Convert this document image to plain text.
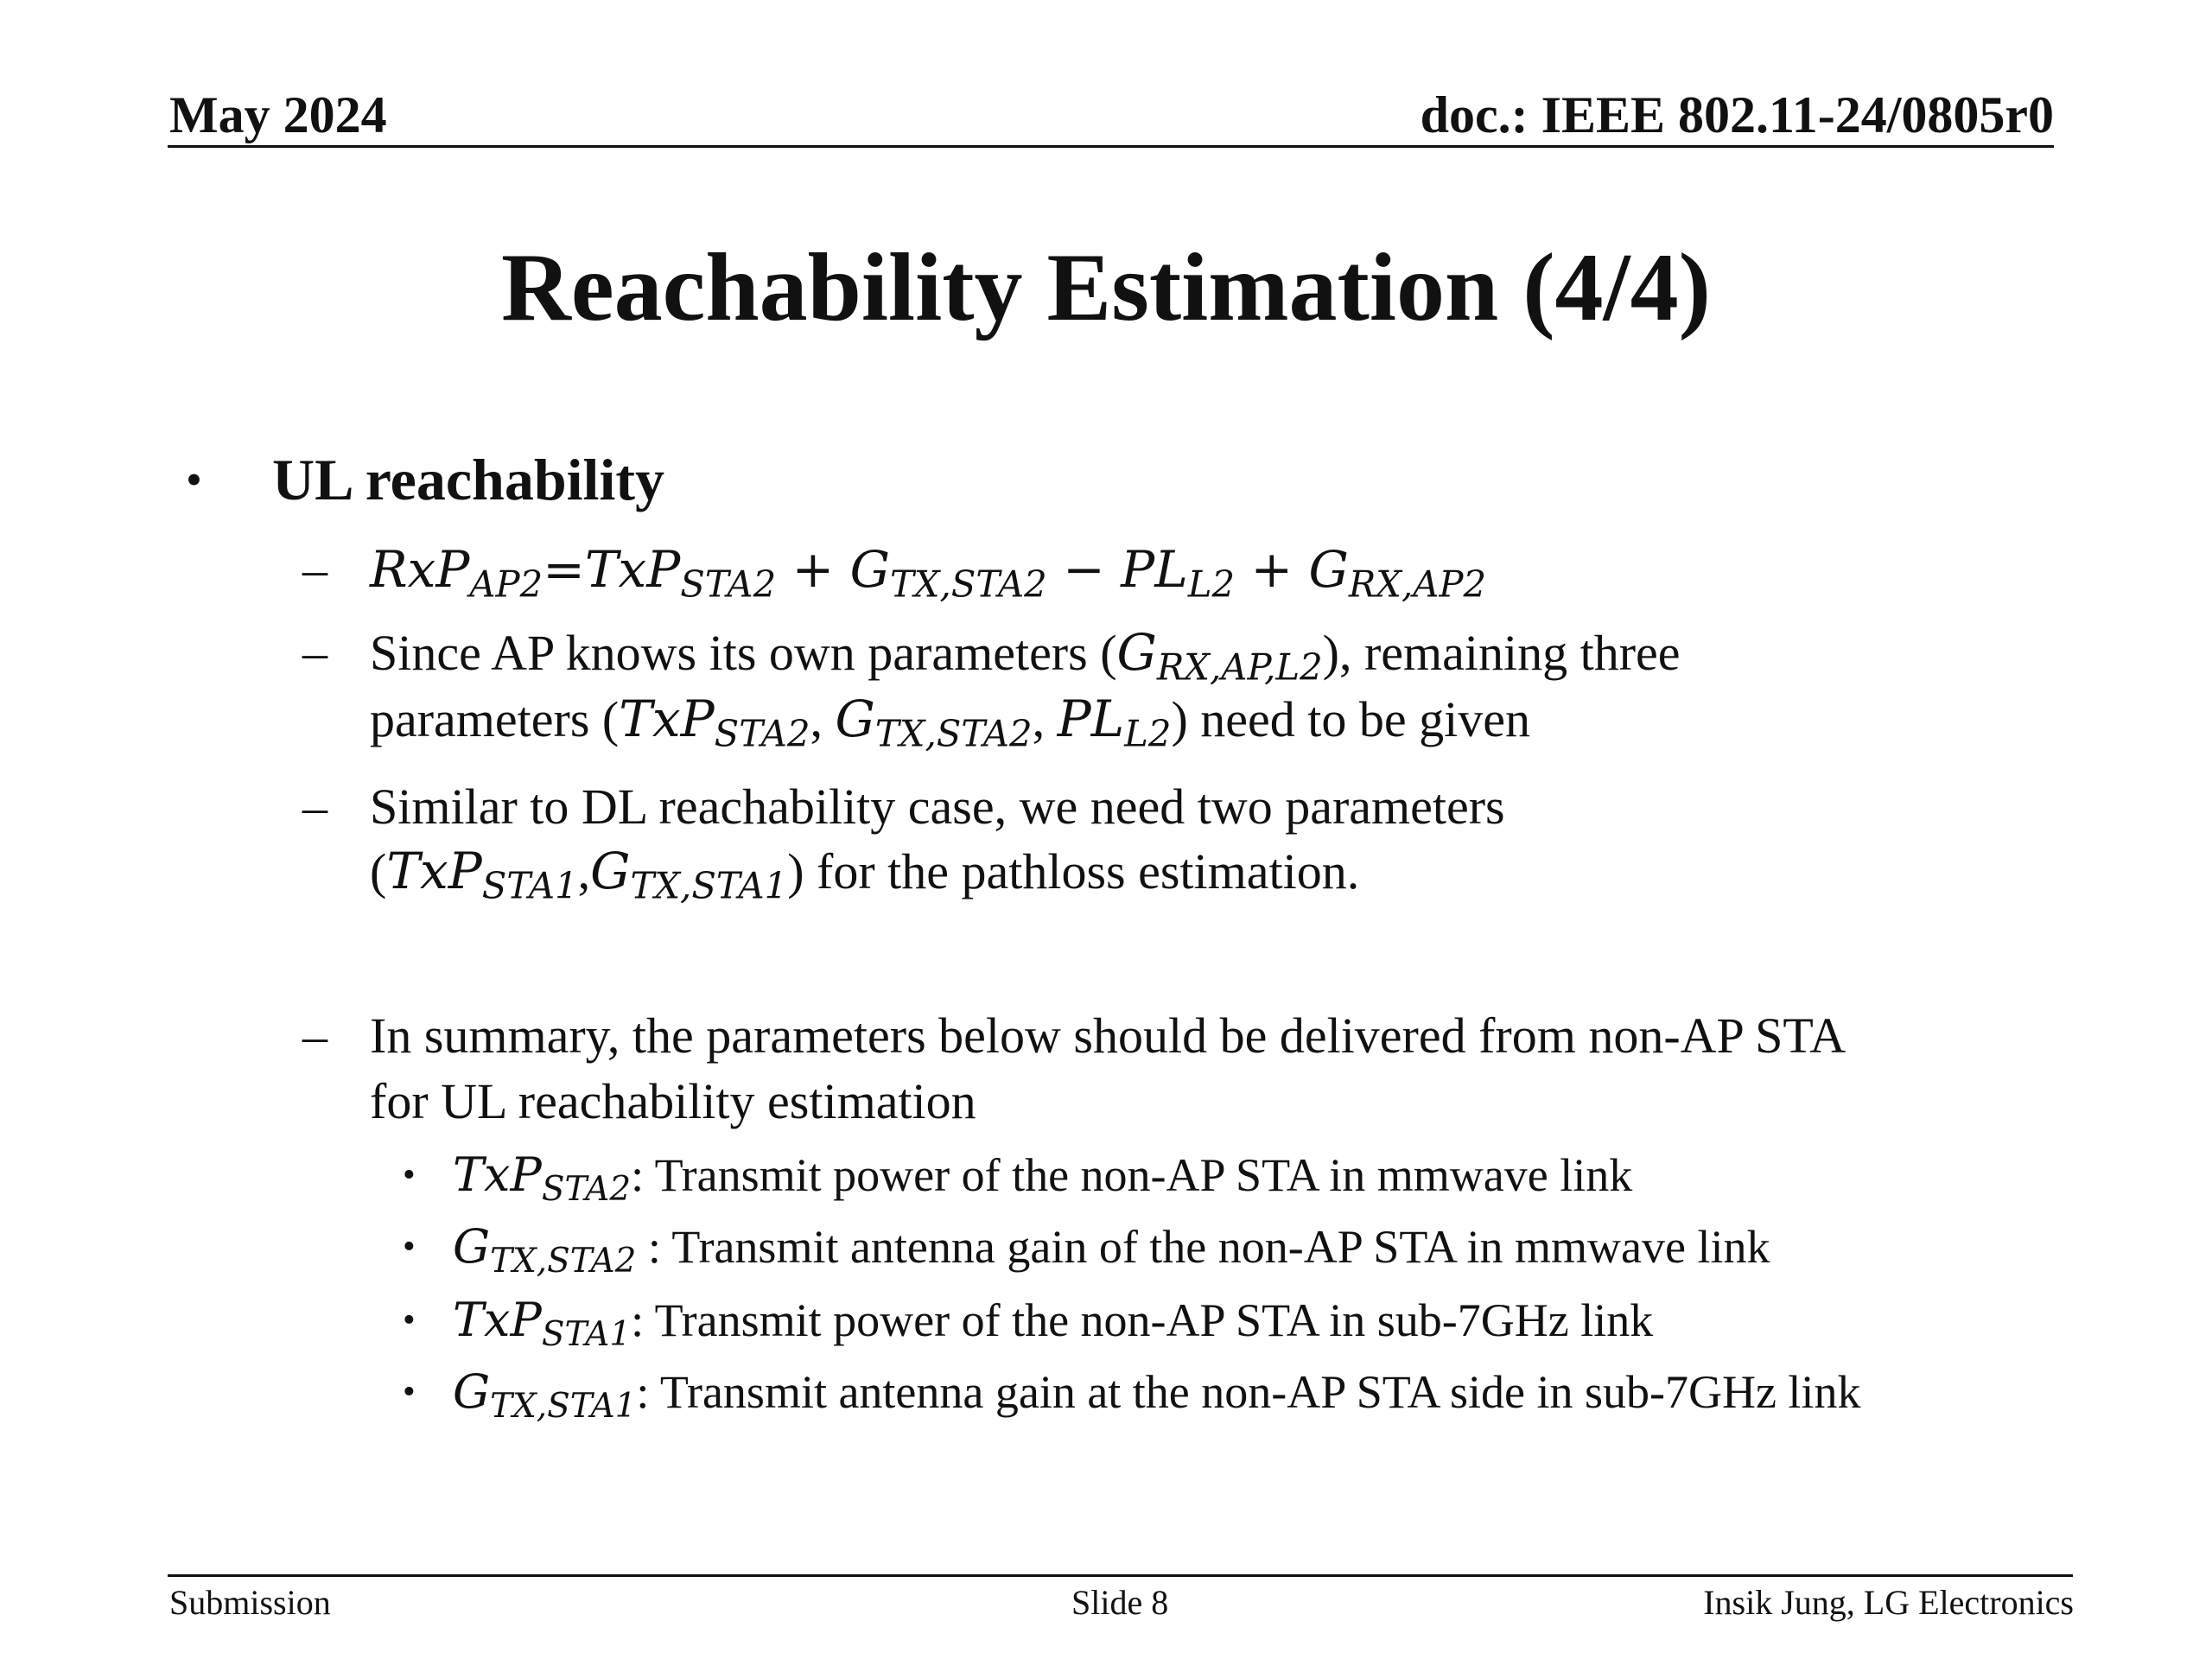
May 2024	doc.: IEEE 802.11-24/0805r0
Reachability Estimation (4/4)
• UL reachability
– $RxP_{AP2}=TxP_{STA2} + G_{TX,STA2} - PL_{L2} + G_{RX,AP2}$
– Since AP knows its own parameters $(G_{RX,AP,L2})$, remaining three
parameters (TxP$_{STA2}$, $G_{TX,STA2}$, $PL_{L2}$) need to be given
– Similar to DL reachability case, we need two parameters
$(TxP_{STA1},G_{TX,STA1})$ for the pathloss estimation.
– In summary, the parameters below should be delivered from non-AP STA
for UL reachability estimation
• TxP$_{STA2}$: Transmit power of the non-AP STA in mmwave link
• $G_{TX,STA2}$ : Transmit antenna gain of the non-AP STA in mmwave link
• TxP$_{STA1}$: Transmit power of the non-AP STA in sub-7GHz link
• $G_{TX,STA1}$: Transmit antenna gain at the non-AP STA side in sub-7GHz link
Submission	Slide 8	Insik Jung, LG Electronics
